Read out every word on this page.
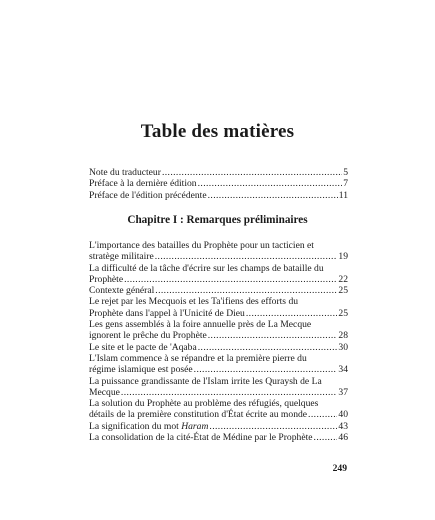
Table des matières
Note du traducteur .....	5
Préface à la dernière édition .....	7
Préface de l'édition précédente .....	11
Chapitre I : Remarques préliminaires
L'importance des batailles du Prophète pour un tacticien et
stratège militaire .....	19
La difficulté de la tâche d'écrire sur les champs de bataille du
Prophète .....	22
Contexte général .....	25
Le rejet par les Mecquois et les Ta'ifiens des efforts du
Prophète dans l'appel à l'Unicité de Dieu .....	25
Les gens assemblés à la foire annuelle près de La Mecque
ignorent le prêche du Prophète .....	28
Le site et le pacte de 'Aqaba .....	30
L'Islam commence à se répandre et la première pierre du
régime islamique est posée .....	34
La puissance grandissante de l'Islam irrite les Quraysh de La
Mecque .....	37
La solution du Prophète au problème des réfugiés, quelques
détails de la première constitution d'État écrite au monde .....	40
La signification du mot Haram .....	43
La consolidation de la cité-État de Médine par le Prophète .....	46
249
